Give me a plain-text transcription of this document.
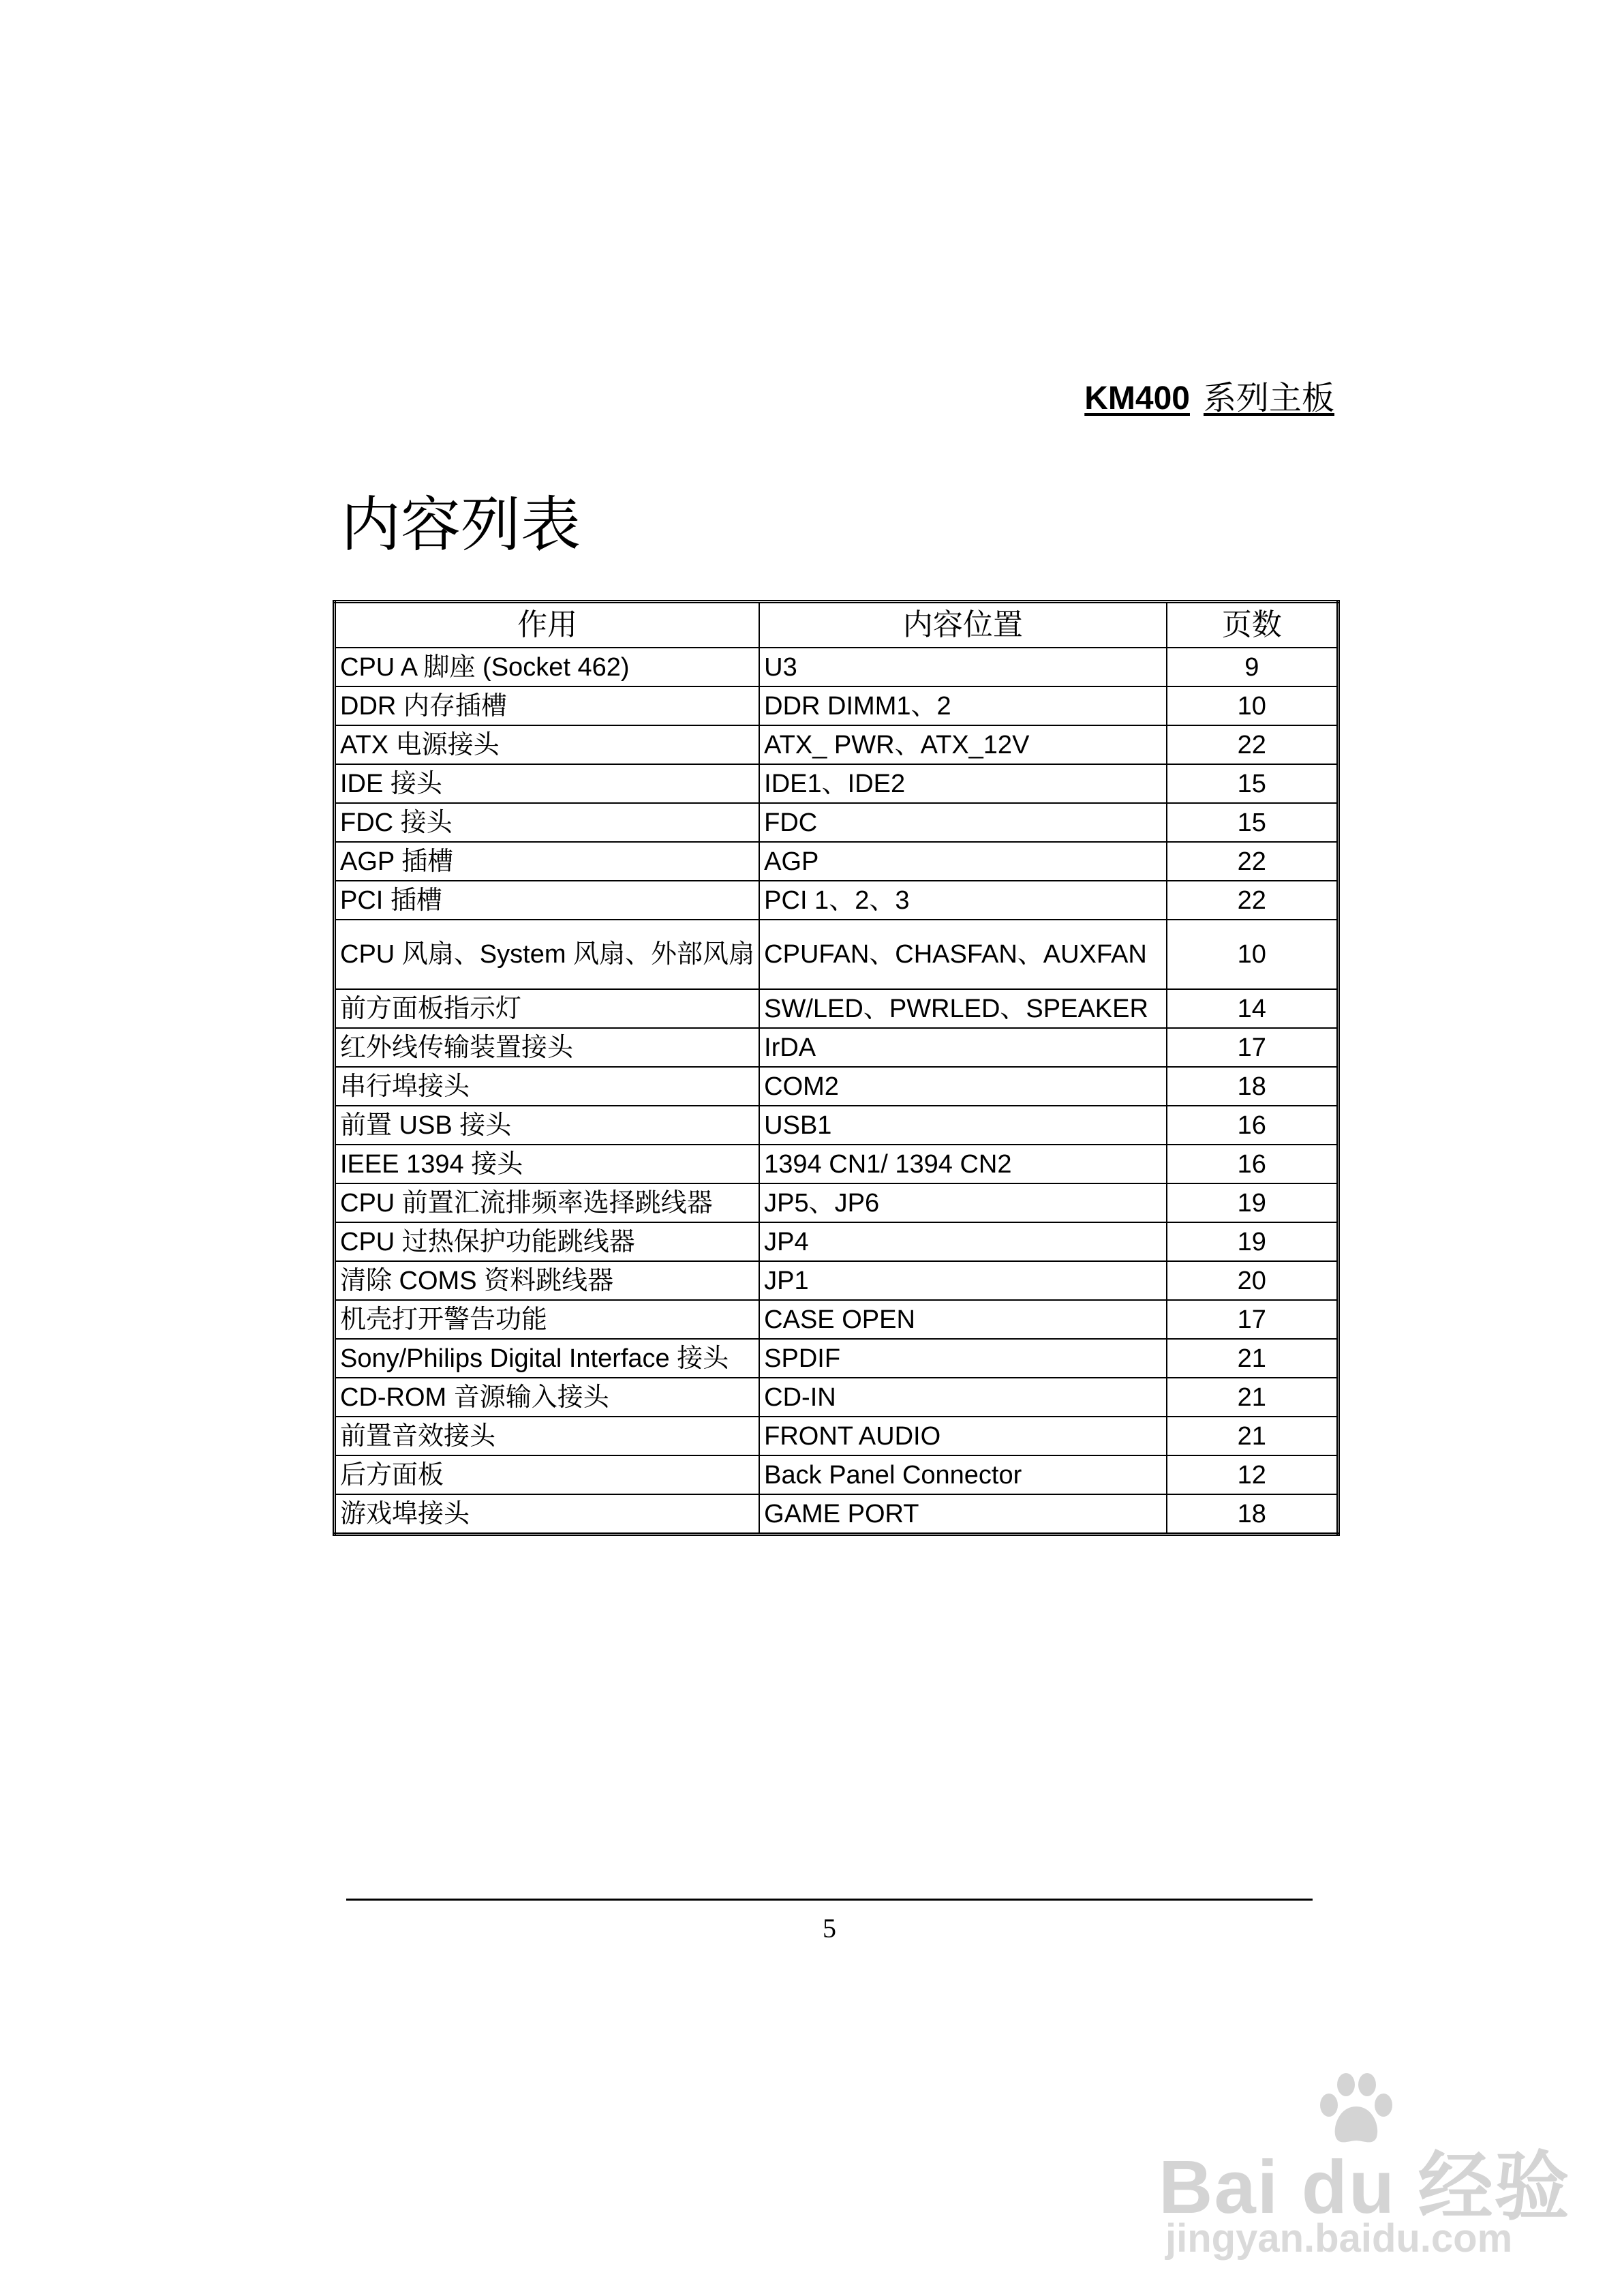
KM400 系列主板
内容列表
作用	内容位置	页数
CPU A 脚座 (Socket 462)	U3	9
DDR 内存插槽	DDR DIMM1、2	10
ATX 电源接头	ATX_ PWR、ATX_12V	22
IDE 接头	IDE1、IDE2	15
FDC 接头	FDC	15
AGP 插槽	AGP	22
PCI 插槽	PCI 1、2、3	22
CPU 风扇、System 风扇、外部风扇	CPUFAN、CHASFAN、AUXFAN	10
前方面板指示灯	SW/LED、PWRLED、SPEAKER	14
红外线传输装置接头	IrDA	17
串行埠接头	COM2	18
前置 USB 接头	USB1	16
IEEE 1394 接头	1394 CN1/ 1394 CN2	16
CPU 前置汇流排频率选择跳线器	JP5、JP6	19
CPU 过热保护功能跳线器	JP4	19
清除 COMS 资料跳线器	JP1	20
机壳打开警告功能	CASE OPEN	17
Sony/Philips Digital Interface 接头	SPDIF	21
CD-ROM 音源输入接头	CD-IN	21
前置音效接头	FRONT AUDIO	21
后方面板	Back Panel Connector	12
游戏埠接头	GAME PORT	18
5
Bai du 经验
jingyan.baidu.com
